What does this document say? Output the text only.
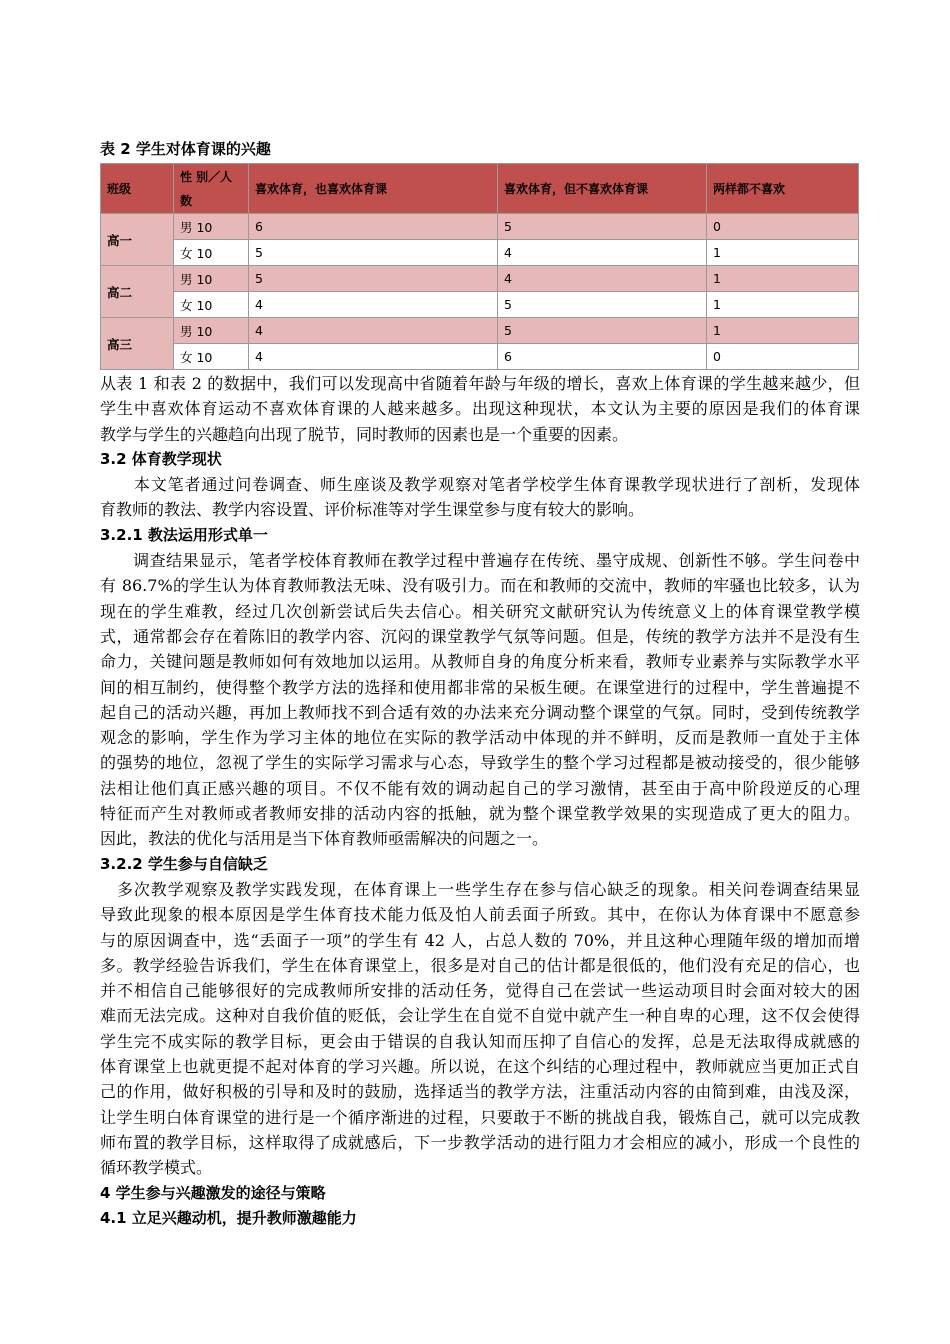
表 2 学生对体育课的兴趣
班级	性 别／人数	喜欢体育，也喜欢体育课	喜欢体育，但不喜欢体育课	两样都不喜欢
高一	男 10	6	5	0
	女 10	5	4	1
高二	男 10	5	4	1
	女 10	4	5	1
高三	男 10	4	5	1
	女 10	4	6	0
从表 1 和表 2 的数据中，我们可以发现高中省随着年龄与年级的增长，喜欢上体育课的学生越来越少，但
学生中喜欢体育运动不喜欢体育课的人越来越多。出现这种现状，本文认为主要的原因是我们的体育课
教学与学生的兴趣趋向出现了脱节，同时教师的因素也是一个重要的因素。
3.2 体育教学现状
　　本文笔者通过问卷调查、师生座谈及教学观察对笔者学校学生体育课教学现状进行了剖析，发现体
育教师的教法、教学内容设置、评价标准等对学生课堂参与度有较大的影响。
3.2.1 教法运用形式单一
　　调查结果显示，笔者学校体育教师在教学过程中普遍存在传统、墨守成规、创新性不够。学生问卷中
有 86.7%的学生认为体育教师教法无味、没有吸引力。而在和教师的交流中，教师的牢骚也比较多，认为
现在的学生难教，经过几次创新尝试后失去信心。相关研究文献研究认为传统意义上的体育课堂教学模
式，通常都会存在着陈旧的教学内容、沉闷的课堂教学气氛等问题。但是，传统的教学方法并不是没有生
命力，关键问题是教师如何有效地加以运用。从教师自身的角度分析来看，教师专业素养与实际教学水平
间的相互制约，使得整个教学方法的选择和使用都非常的呆板生硬。在课堂进行的过程中，学生普遍提不
起自己的活动兴趣，再加上教师找不到合适有效的办法来充分调动整个课堂的气氛。同时，受到传统教学
观念的影响，学生作为学习主体的地位在实际的教学活动中体现的并不鲜明，反而是教师一直处于主体
的强势的地位，忽视了学生的实际学习需求与心态，导致学生的整个学习过程都是被动接受的，很少能够
法相让他们真正感兴趣的项目。不仅不能有效的调动起自己的学习激情，甚至由于高中阶段逆反的心理
特征而产生对教师或者教师安排的活动内容的抵触，就为整个课堂教学效果的实现造成了更大的阻力。
因此，教法的优化与活用是当下体育教师亟需解决的问题之一。
3.2.2 学生参与自信缺乏
　多次教学观察及教学实践发现，在体育课上一些学生存在参与信心缺乏的现象。相关问卷调查结果显
导致此现象的根本原因是学生体育技术能力低及怕人前丢面子所致。其中，在你认为体育课中不愿意参
与的原因调查中，选“丢面子一项”的学生有 42 人，占总人数的 70%，并且这种心理随年级的增加而增
多。教学经验告诉我们，学生在体育课堂上，很多是对自己的估计都是很低的，他们没有充足的信心，也
并不相信自己能够很好的完成教师所安排的活动任务，觉得自己在尝试一些运动项目时会面对较大的困
难而无法完成。这种对自我价值的贬低，会让学生在自觉不自觉中就产生一种自卑的心理，这不仅会使得
学生完不成实际的教学目标，更会由于错误的自我认知而压抑了自信心的发挥，总是无法取得成就感的
体育课堂上也就更提不起对体育的学习兴趣。所以说，在这个纠结的心理过程中，教师就应当更加正式自
己的作用，做好积极的引导和及时的鼓励，选择适当的教学方法，注重活动内容的由简到难，由浅及深，
让学生明白体育课堂的进行是一个循序渐进的过程，只要敢于不断的挑战自我，锻炼自己，就可以完成教
师布置的教学目标，这样取得了成就感后，下一步教学活动的进行阻力才会相应的减小，形成一个良性的
循环教学模式。
4 学生参与兴趣激发的途径与策略
4.1 立足兴趣动机，提升教师激趣能力
